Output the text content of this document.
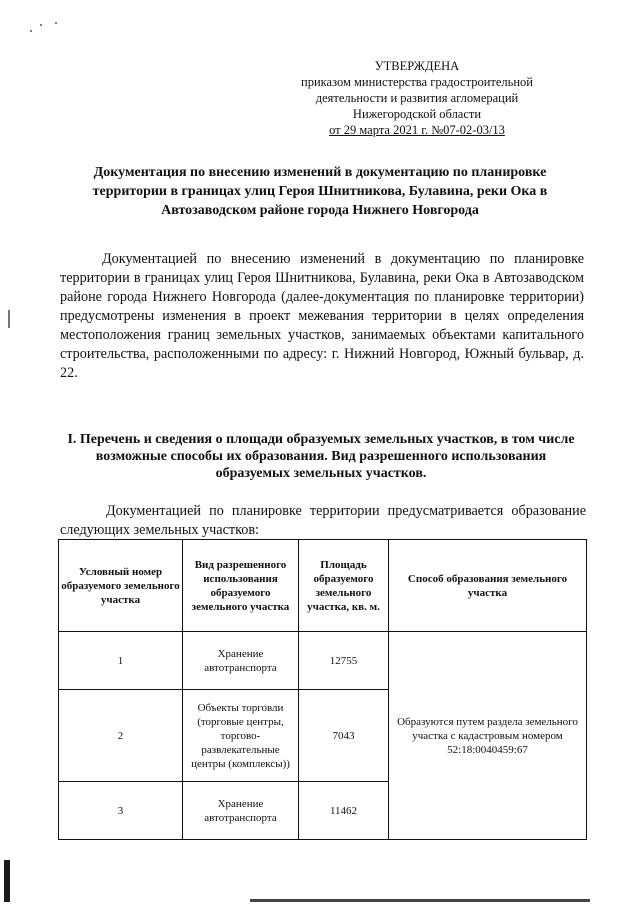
УТВЕРЖДЕНА
приказом министерства градостроительной
деятельности и развития агломераций
Нижегородской области
от 29 марта 2021 г. №07-02-03/13
Документация по внесению изменений в документацию по планировке территории в границах улиц Героя Шнитникова, Булавина, реки Ока в Автозаводском районе города Нижнего Новгорода
Документацией по внесению изменений в документацию по планировке территории в границах улиц Героя Шнитникова, Булавина, реки Ока в Автозаводском районе города Нижнего Новгорода (далее-документация по планировке территории) предусмотрены изменения в проект межевания территории в целях определения местоположения границ земельных участков, занимаемых объектами капитального строительства, расположенными по адресу: г. Нижний Новгород, Южный бульвар, д. 22.
I. Перечень и сведения о площади образуемых земельных участков, в том числе возможные способы их образования. Вид разрешенного использования образуемых земельных участков.
Документацией по планировке территории предусматривается образование следующих земельных участков:
Условный номер образуемого земельного участка	Вид разрешенного использования образуемого земельного участка	Площадь образуемого земельного участка, кв. м.	Способ образования земельного участка
1	Хранение автотранспорта	12755	Образуются путем раздела земельного участка с кадастровым номером 52:18:0040459:67
2	Объекты торговли (торговые центры, торгово-развлекательные центры (комплексы))	7043	
3	Хранение автотранспорта	11462	
